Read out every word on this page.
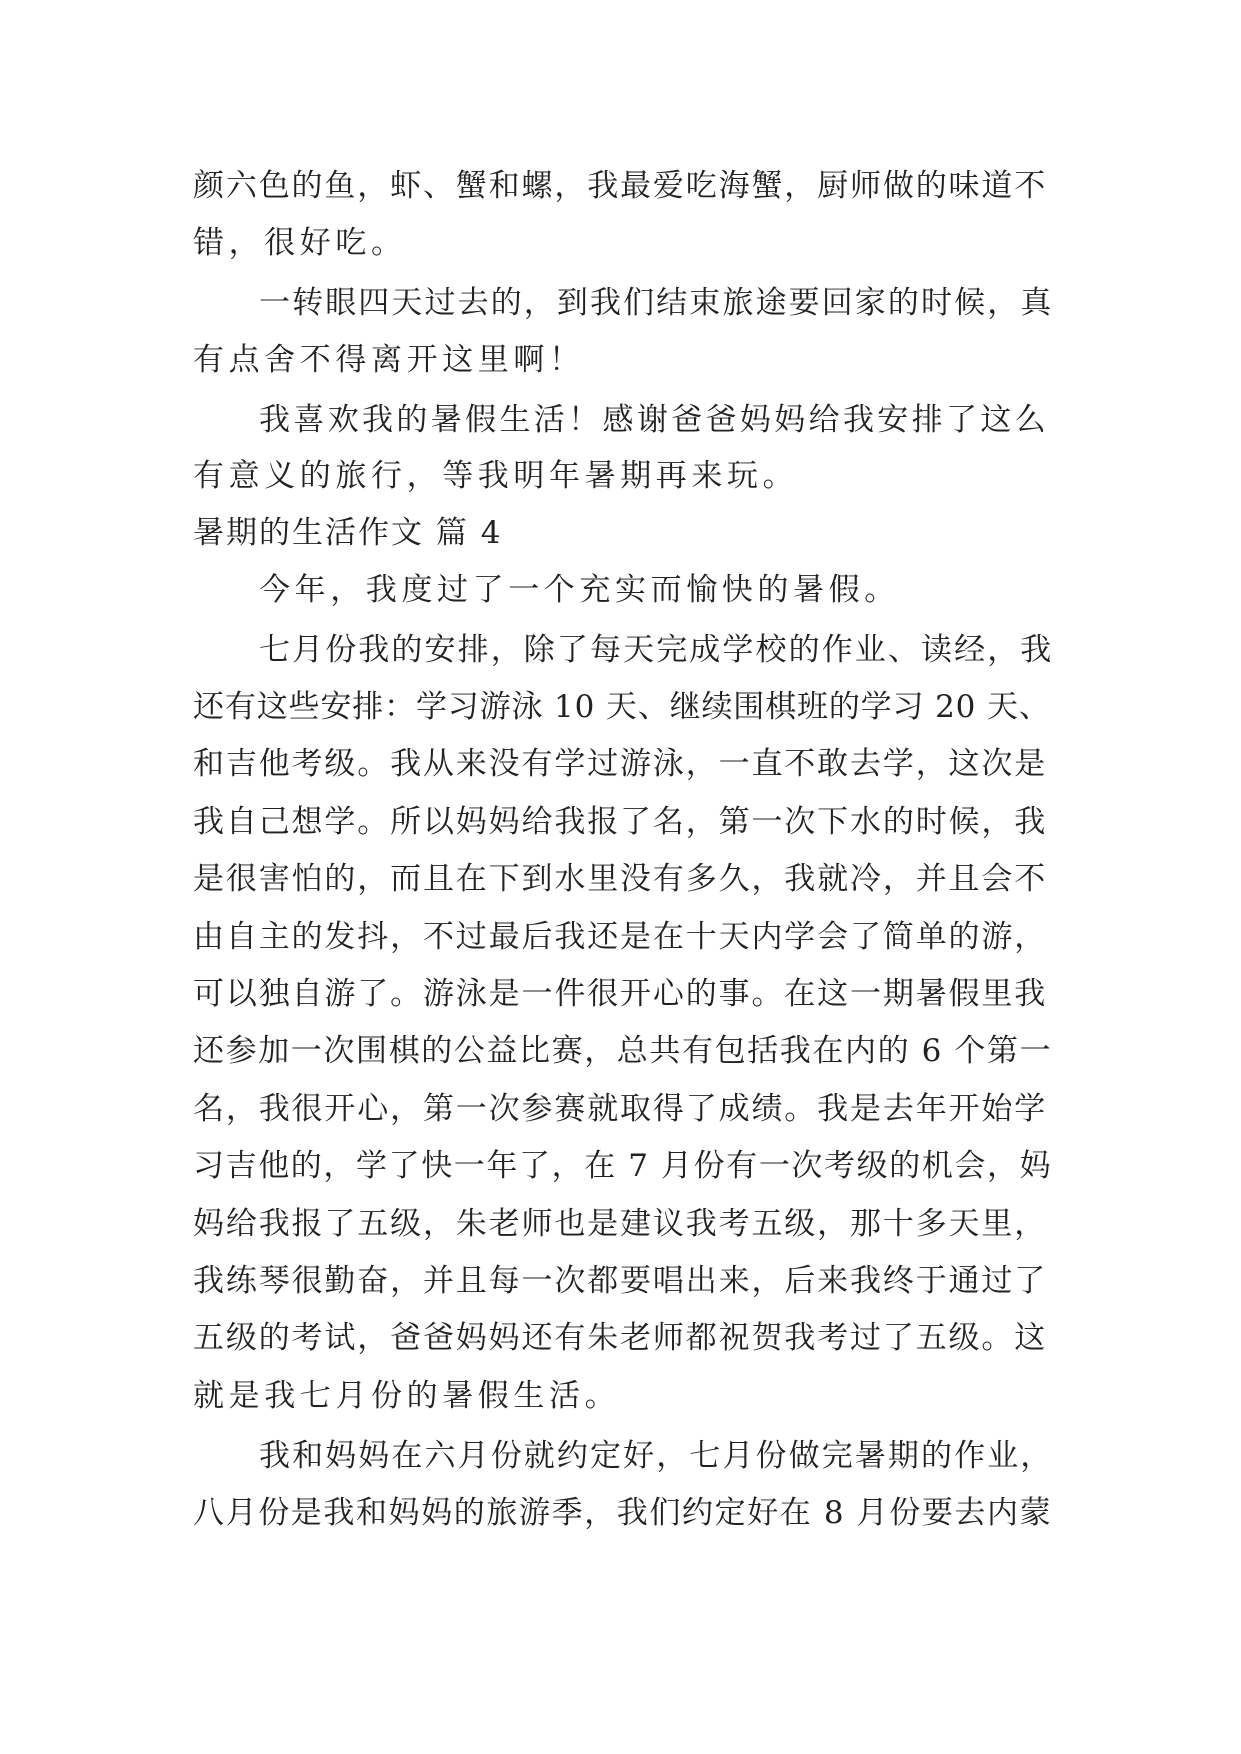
颜六色的鱼，虾、蟹和螺，我最爱吃海蟹，厨师做的味道不
错，很好吃。
一转眼四天过去的，到我们结束旅途要回家的时候，真
有点舍不得离开这里啊！
我喜欢我的暑假生活！感谢爸爸妈妈给我安排了这么
有意义的旅行，等我明年暑期再来玩。
暑期的生活作文 篇 4
今年，我度过了一个充实而愉快的暑假。
七月份我的安排，除了每天完成学校的作业、读经，我
还有这些安排：学习游泳 10 天、继续围棋班的学习 20 天、
和吉他考级。我从来没有学过游泳，一直不敢去学，这次是
我自己想学。所以妈妈给我报了名，第一次下水的时候，我
是很害怕的，而且在下到水里没有多久，我就冷，并且会不
由自主的发抖，不过最后我还是在十天内学会了简单的游，
可以独自游了。游泳是一件很开心的事。在这一期暑假里我
还参加一次围棋的公益比赛，总共有包括我在内的 6 个第一
名，我很开心，第一次参赛就取得了成绩。我是去年开始学
习吉他的，学了快一年了，在 7 月份有一次考级的机会，妈
妈给我报了五级，朱老师也是建议我考五级，那十多天里，
我练琴很勤奋，并且每一次都要唱出来，后来我终于通过了
五级的考试，爸爸妈妈还有朱老师都祝贺我考过了五级。这
就是我七月份的暑假生活。
我和妈妈在六月份就约定好，七月份做完暑期的作业，
八月份是我和妈妈的旅游季，我们约定好在 8 月份要去内蒙
